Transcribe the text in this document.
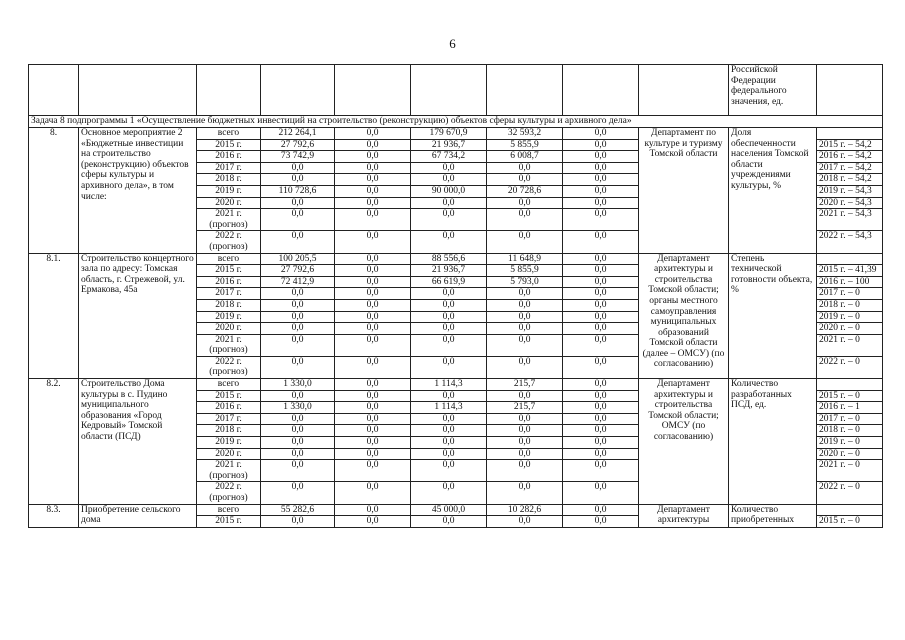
6
									Российской Федерации федерального значения, ед.	
Задача 8 подпрограммы 1 «Осуществление бюджетных инвестиций на строительство (реконструкцию) объектов сферы культуры и архивного дела»										
8.	Основное мероприятие 2 «Бюджетные инвестиции на строительство (реконструкцию) объектов сферы культуры и архивного дела», в том числе:	всего	212 264,1	0,0	179 670,9	32 593,2	0,0	Департамент по культуре и туризму Томской области	Доля обеспеченности населения Томской области учреждениями культуры, %	
		2015 г.	27 792,6	0,0	21 936,7	5 855,9	0,0			2015 г. – 54,2
		2016 г.	73 742,9	0,0	67 734,2	6 008,7	0,0			2016 г. – 54,2
		2017 г.	0,0	0,0	0,0	0,0	0,0			2017 г. – 54,2
		2018 г.	0,0	0,0	0,0	0,0	0,0			2018 г. – 54,2
		2019 г.	110 728,6	0,0	90 000,0	20 728,6	0,0			2019 г. – 54,3
		2020 г.	0,0	0,0	0,0	0,0	0,0			2020 г. – 54,3
		2021 г. (прогноз)	0,0	0,0	0,0	0,0	0,0			2021 г. – 54,3
		2022 г. (прогноз)	0,0	0,0	0,0	0,0	0,0			2022 г. – 54,3
8.1.	Строительство концертного зала по адресу: Томская область, г. Стрежевой, ул. Ермакова, 45а	всего	100 205,5	0,0	88 556,6	11 648,9	0,0	Департамент архитектуры и строительства Томской области; органы местного самоуправления муниципальных образований Томской области (далее – ОМСУ) (по согласованию)	Степень технической готовности объекта, %	
		2015 г.	27 792,6	0,0	21 936,7	5 855,9	0,0			2015 г. – 41,39
		2016 г.	72 412,9	0,0	66 619,9	5 793,0	0,0			2016 г. – 100
		2017 г.	0,0	0,0	0,0	0,0	0,0			2017 г. – 0
		2018 г.	0,0	0,0	0,0	0,0	0,0			2018 г. – 0
		2019 г.	0,0	0,0	0,0	0,0	0,0			2019 г. – 0
		2020 г.	0,0	0,0	0,0	0,0	0,0			2020 г. – 0
		2021 г. (прогноз)	0,0	0,0	0,0	0,0	0,0			2021 г. – 0
		2022 г. (прогноз)	0,0	0,0	0,0	0,0	0,0			2022 г. – 0
8.2.	Строительство Дома культуры в с. Пудино муниципального образования «Город Кедровый» Томской области (ПСД)	всего	1 330,0	0,0	1 114,3	215,7	0,0	Департамент архитектуры и строительства Томской области; ОМСУ (по согласованию)	Количество разработанных ПСД, ед.	
		2015 г.	0,0	0,0	0,0	0,0	0,0			2015 г. – 0
		2016 г.	1 330,0	0,0	1 114,3	215,7	0,0			2016 г. – 1
		2017 г.	0,0	0,0	0,0	0,0	0,0			2017 г. – 0
		2018 г.	0,0	0,0	0,0	0,0	0,0			2018 г. – 0
		2019 г.	0,0	0,0	0,0	0,0	0,0			2019 г. – 0
		2020 г.	0,0	0,0	0,0	0,0	0,0			2020 г. – 0
		2021 г. (прогноз)	0,0	0,0	0,0	0,0	0,0			2021 г. – 0
		2022 г. (прогноз)	0,0	0,0	0,0	0,0	0,0			2022 г. – 0
8.3.	Приобретение сельского дома	всего	55 282,6	0,0	45 000,0	10 282,6	0,0	Департамент архитектуры	Количество приобретенных	
		2015 г.	0,0	0,0	0,0	0,0	0,0			2015 г. – 0
